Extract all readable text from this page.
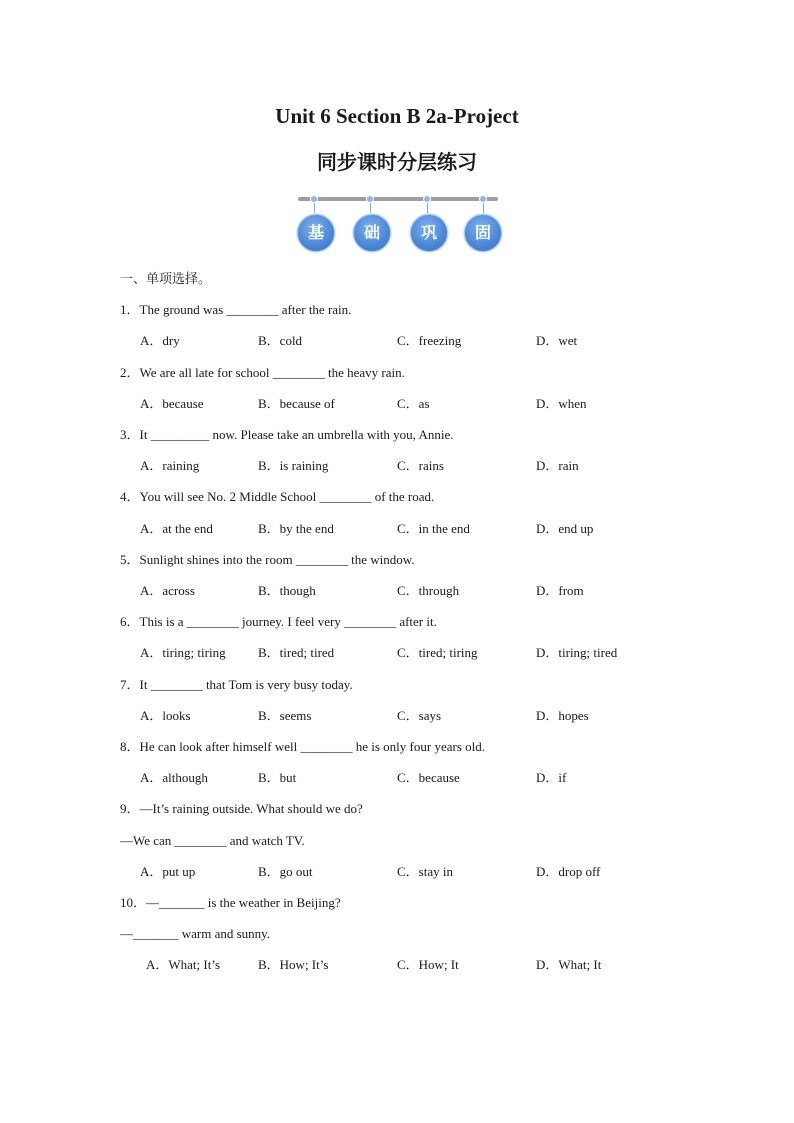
Unit 6 Section B 2a-Project
同步课时分层练习
基	础	巩	固
一、单项选择。

1．The ground was ________ after the rain.

A．dry	B．cold	C．freezing	D．wet

2．We are all late for school ________ the heavy rain.

A．because	B．because of	C．as	D．when

3．It _________ now. Please take an umbrella with you, Annie.

A．raining	B．is raining	C．rains	D．rain

4．You will see No. 2 Middle School ________ of the road.

A．at the end	B．by the end	C．in the end	D．end up

5．Sunlight shines into the room ________ the window.

A．across	B．though	C．through	D．from

6．This is a ________ journey. I feel very ________ after it.

A．tiring; tiring B．tired; tired	C．tired; tiring	D．tiring; tired

7．It ________ that Tom is very busy today.

A．looks	B．seems	C．says	D．hopes

8．He can look after himself well ________ he is only four years old.

A．although	B．but	C．because	D．if

9．—It’s raining outside. What should we do?

—We can ________ and watch TV.

A．put up	B．go out	C．stay in	D．drop off

10．—_______ is the weather in Beijing?

—_______ warm and sunny.

A．What; It’s	B．How; It’s	C．How; It	D．What; It
